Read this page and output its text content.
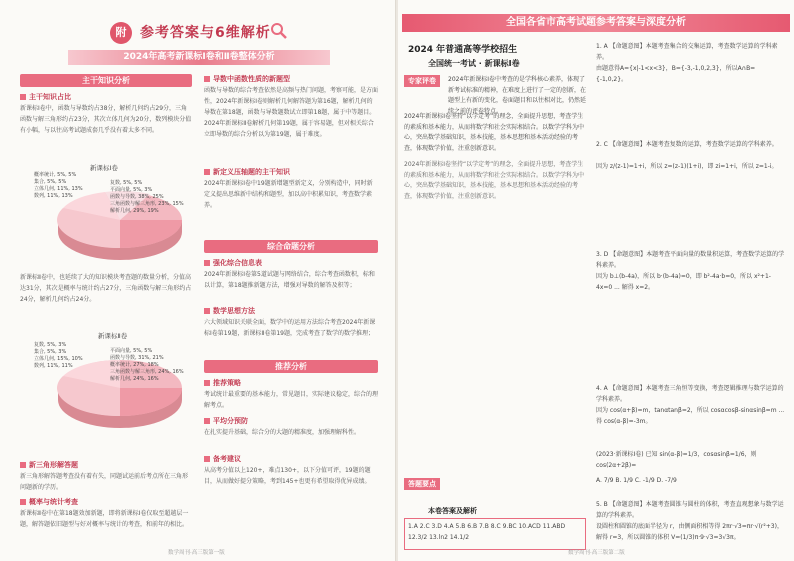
附 参考答案与6维解析
2024年高考新课标Ⅰ卷和Ⅱ卷整体分析
主干知识分析
主干知识占比
新课标Ⅰ卷中，函数与导数约占38分，解析几何约占29分，三角函数与解三角形约占23分，其次立体几何为20分，数列模块分值有小幅，与以往高考试题成套几乎没有着太多不同。
新课标Ⅰ卷
概率统计, 5%, 5%
集合, 5%, 5%
立体几何, 11%, 13%
数列, 11%, 13%
复数, 5%, 5%
平面向量, 5%, 3%
函数与导数, 38%, 25%
三角函数与解三角形, 23%, 15%
解析几何, 29%, 19%
新课标Ⅱ卷中，也延续了大的知识模块考查题的数量分析，分值高达31分，其次是概率与统计约占27分，三角函数与解三角形约占24分，解析几何约占24分。
新课标Ⅱ卷
复数, 5%, 3%
集合, 5%, 3%
立体几何, 15%, 10%
数列, 11%, 11%
平面向量, 5%, 5%
函数与导数, 31%, 21%
概率统计, 27%, 18%
三角函数与解三角形, 24%, 16%
解析几何, 24%, 16%
新三角形解答题
新三角形解答题考查没有着有失，同题试运前后考点所在三角形问题新的学历。
概率与统计考查
新课标Ⅱ卷中在第18题效加新题，即将新课标Ⅰ卷仅取至超越层一题，解答题依旧题型与好对概率与统计的考查，和前年的相比。
导数中函数性质的新题型
函数与导数的综合考查依然是高频与热门问题，考察可能，是方面性，2024年新课标Ⅰ卷则解析几何解答题为第16题，解析几何的导数在第18题，函数与导数题数试立即第18题，属于中等题目。2024年新课标Ⅱ卷解析几何第19题，属于容易题，但对相关综合立即导数的综合分析以为第19题，属于难度。
新定义压轴题的主干知识
2024年新课标Ⅰ卷中19题新增题型新定义，分别构造中，同时新定义提出思维新中结构和题型，加以高中积累知识，考查数学素养。
综合命题分析
强化综合信息表
2024年新课标Ⅰ卷第5道试题与网络结合，综合考查函数积，标和以计算，第18题推新题方法，增强对导数的解答及积等；
数学思想方法
六大领域知识关联全面，数学中的运用方法综合考查2024年新课标Ⅰ卷第19题，新课标Ⅱ卷第19题，完成考查了数学的数学推理；
推荐分析
推荐策略
考试统计最重要的基本能力，常见题目，实际建议稳定，综合的理解考点。
平均分预防
在扎实提升基础，综合分的大题的精准度，加强理解科性。
备考建议
从高考分值以上120+，难点130+，以下分值可评，19题的题目，从而做好提分策略，考到145+也更有希望取得优异成绩。
数学周刊·高三版第一版
全国各省市高考试题参考答案与深度分析
2024 年普通高等学校招生
全国统一考试 · 新课标Ⅰ卷
专家评卷	2024年新课标Ⅰ卷中考查的是学科核心素养，体现了新考试标准的精神，在难度上进行了一定的创新，在题型上有新的变化，卷面题目和以往相对比，仍然延续之前的评卷特点。
2024年新课标Ⅰ卷坚持“以学定考”的理念，全面提升思想，考查学生的素质和基本能力，从而将数学和社会实际相结合。以数学学科为中心，突出数学基础知识，基本技能，基本思想和基本活动经验的考查，体现数学价值，注重创新意识。
2024年新课标Ⅰ卷坚持“以学定考”的理念，全面提升思想，考查学生的素质和基本能力，从而将数学和社会实际相结合。以数学学科为中心，突出数学基础知识，基本技能，基本思想和基本活动经验的考查，体现数学价值，注重创新意识。
答题要点
本卷答案及解析
1.A 2.C 3.D 4.A 5.B 6.B 7.B 8.C 9.BC 10.ACD 11.ABD 12.3/2 13.ln2 14.1/2
1. A 【命题意图】本题考查集合的交集运算，考查数学运算的学科素养。
由题意得A={x|-1<x<3}，B={-3,-1,0,2,3}，所以A∩B={-1,0,2}。
2. C 【命题意图】本题考查复数的运算，考查数学运算的学科素养。
因为 z/(z-1)=1+i，所以 z=(z-1)(1+i)，即 zi=1+i，所以 z=1-i。
3. D 【命题意图】本题考查平面向量的数量积运算，考查数学运算的学科素养。
因为 b⊥(b-4a)，所以 b·(b-4a)=0，即 b²-4a·b=0，所以 x²+1-4x=0 ... 解得 x=2。
4. A 【命题意图】本题考查三角恒等变换，考查逻辑推理与数学运算的学科素养。
因为 cos(α+β)=m，tanαtanβ=2，所以 cosαcosβ-sinαsinβ=m ... 得 cos(α-β)=-3m。
(2023·新课标Ⅰ卷) 已知 sin(α-β)=1/3，cosαsinβ=1/6，则 cos(2α+2β)=
A. 7/9 B. 1/9 C. -1/9 D. -7/9
5. B 【命题意图】本题考查圆锥与圆柱的体积，考查直观想象与数学运算的学科素养。
设圆柱和圆锥的底面半径为 r，由侧面积相等得 2πr·√3=πr·√(r²+3)，解得 r=3，所以圆锥的体积 V=(1/3)π·9·√3=3√3π。
数学周刊·高三版第二版
